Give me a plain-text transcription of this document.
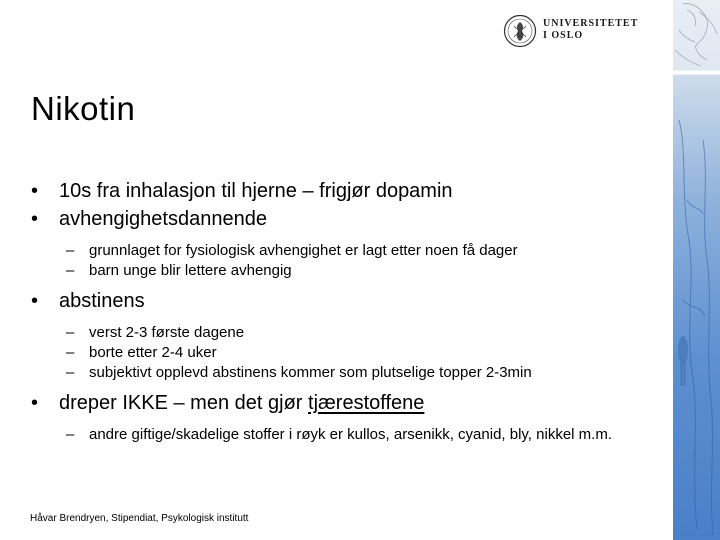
UNIVERSITETET
I OSLO
Nikotin
• 10s fra inhalasjon til hjerne – frigjør dopamin
• avhengighetsdannende
– grunnlaget for fysiologisk avhengighet er lagt etter noen få dager
– barn unge blir lettere avhengig
• abstinens
– verst 2-3 første dagene
– borte etter 2-4 uker
– subjektivt opplevd abstinens kommer som plutselige topper 2-3min
• dreper IKKE – men det gjør tjærestoffene
– andre giftige/skadelige stoffer i røyk er kullos, arsenikk, cyanid, bly, nikkel m.m.
Håvar Brendryen, Stipendiat, Psykologisk institutt
